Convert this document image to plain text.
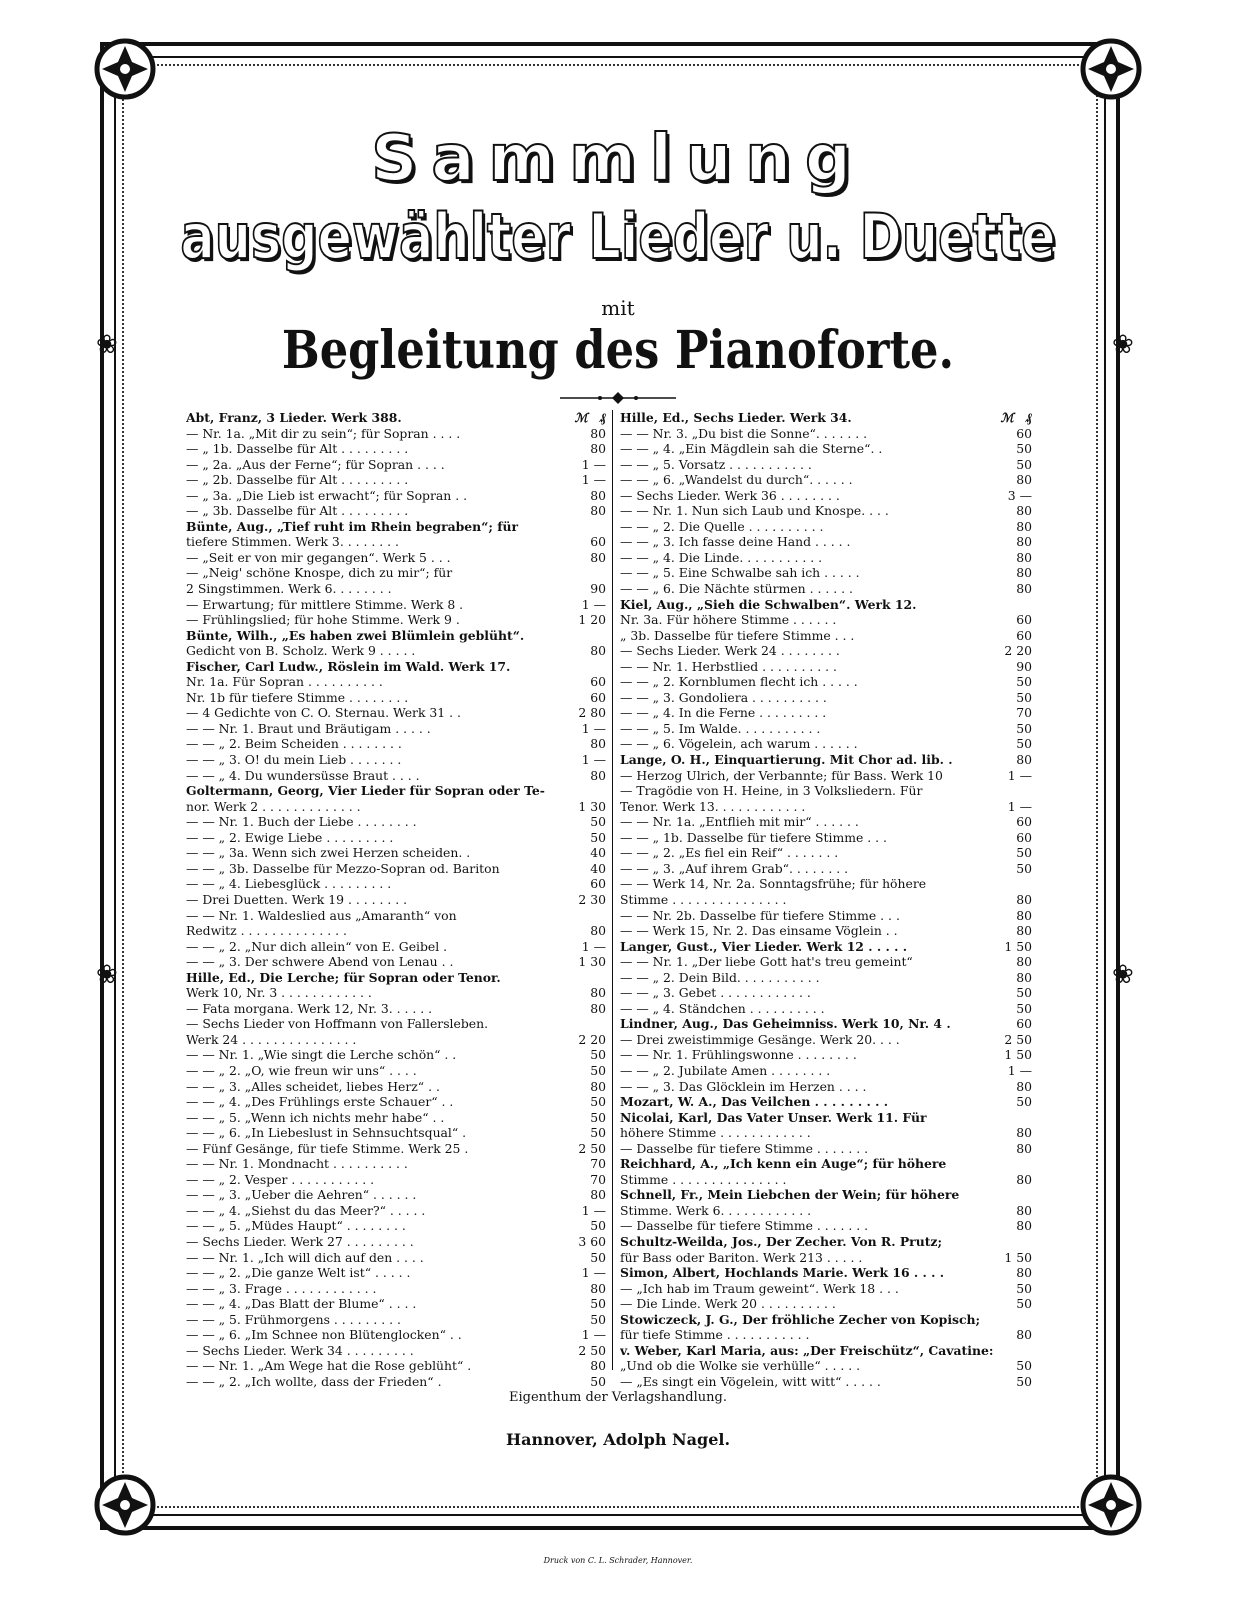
❀
❀
❀
❀
Sammlung
ausgewählter Lieder u. Duette
mit
Begleitung des Pianoforte.
Abt, Franz, 3 Lieder. Werk 388.	ℳ ₰
— Nr. 1a. „Mit dir zu sein“; für Sopran . . . .	80
— „ 1b. Dasselbe für Alt . . . . . . . . .	80
— „ 2a. „Aus der Ferne“; für Sopran . . . .	1 —
— „ 2b. Dasselbe für Alt . . . . . . . . .	1 —
— „ 3a. „Die Lieb ist erwacht“; für Sopran . .	80
— „ 3b. Dasselbe für Alt . . . . . . . . .	80
Bünte, Aug., „Tief ruht im Rhein begraben“; für
tiefere Stimmen. Werk 3. . . . . . . .	60
— „Seit er von mir gegangen“. Werk 5 . . .	80
— „Neig' schöne Knospe, dich zu mir“; für
2 Singstimmen. Werk 6. . . . . . . .	90
— Erwartung; für mittlere Stimme. Werk 8 .	1 —
— Frühlingslied; für hohe Stimme. Werk 9 .	1 20
Bünte, Wilh., „Es haben zwei Blümlein geblüht“.
Gedicht von B. Scholz. Werk 9 . . . . .	80
Fischer, Carl Ludw., Röslein im Wald. Werk 17.
Nr. 1a. Für Sopran . . . . . . . . . .	60
Nr. 1b für tiefere Stimme . . . . . . . .	60
— 4 Gedichte von C. O. Sternau. Werk 31 . .	2 80
— — Nr. 1. Braut und Bräutigam . . . . .	1 —
— — „ 2. Beim Scheiden . . . . . . . .	80
— — „ 3. O! du mein Lieb . . . . . . .	1 —
— — „ 4. Du wundersüsse Braut . . . .	80
Goltermann, Georg, Vier Lieder für Sopran oder Te-
nor. Werk 2 . . . . . . . . . . . . .	1 30
— — Nr. 1. Buch der Liebe . . . . . . . .	50
— — „ 2. Ewige Liebe . . . . . . . . .	50
— — „ 3a. Wenn sich zwei Herzen scheiden. .	40
— — „ 3b. Dasselbe für Mezzo-Sopran od. Bariton	40
— — „ 4. Liebesglück . . . . . . . . .	60
— Drei Duetten. Werk 19 . . . . . . . .	2 30
— — Nr. 1. Waldeslied aus „Amaranth“ von
Redwitz . . . . . . . . . . . . . .	80
— — „ 2. „Nur dich allein“ von E. Geibel .	1 —
— — „ 3. Der schwere Abend von Lenau . .	1 30
Hille, Ed., Die Lerche; für Sopran oder Tenor.
Werk 10, Nr. 3 . . . . . . . . . . . .	80
— Fata morgana. Werk 12, Nr. 3. . . . . .	80
— Sechs Lieder von Hoffmann von Fallersleben.
Werk 24 . . . . . . . . . . . . . . .	2 20
— — Nr. 1. „Wie singt die Lerche schön“ . .	50
— — „ 2. „O, wie freun wir uns“ . . . .	50
— — „ 3. „Alles scheidet, liebes Herz“ . .	80
— — „ 4. „Des Frühlings erste Schauer“ . .	50
— — „ 5. „Wenn ich nichts mehr habe“ . .	50
— — „ 6. „In Liebeslust in Sehnsuchtsqual“ .	50
— Fünf Gesänge, für tiefe Stimme. Werk 25 .	2 50
— — Nr. 1. Mondnacht . . . . . . . . . .	70
— — „ 2. Vesper . . . . . . . . . . .	70
— — „ 3. „Ueber die Aehren“ . . . . . .	80
— — „ 4. „Siehst du das Meer?“ . . . . .	1 —
— — „ 5. „Müdes Haupt“ . . . . . . . .	50
— Sechs Lieder. Werk 27 . . . . . . . . .	3 60
— — Nr. 1. „Ich will dich auf den . . . .	50
— — „ 2. „Die ganze Welt ist“ . . . . .	1 —
— — „ 3. Frage . . . . . . . . . . . .	80
— — „ 4. „Das Blatt der Blume“ . . . .	50
— — „ 5. Frühmorgens . . . . . . . . .	50
— — „ 6. „Im Schnee non Blütenglocken“ . .	1 —
— Sechs Lieder. Werk 34 . . . . . . . . .	2 50
— — Nr. 1. „Am Wege hat die Rose geblüht“ .	80
— — „ 2. „Ich wollte, dass der Frieden“ .	50
Hille, Ed., Sechs Lieder. Werk 34.	ℳ ₰
— — Nr. 3. „Du bist die Sonne“. . . . . . .	60
— — „ 4. „Ein Mägdlein sah die Sterne“. .	50
— — „ 5. Vorsatz . . . . . . . . . . .	50
— — „ 6. „Wandelst du durch“. . . . . .	80
— Sechs Lieder. Werk 36 . . . . . . . .	3 —
— — Nr. 1. Nun sich Laub und Knospe. . . .	80
— — „ 2. Die Quelle . . . . . . . . . .	80
— — „ 3. Ich fasse deine Hand . . . . .	80
— — „ 4. Die Linde. . . . . . . . . . .	80
— — „ 5. Eine Schwalbe sah ich . . . . .	80
— — „ 6. Die Nächte stürmen . . . . . .	80
Kiel, Aug., „Sieh die Schwalben“. Werk 12.
Nr. 3a. Für höhere Stimme . . . . . .	60
„ 3b. Dasselbe für tiefere Stimme . . .	60
— Sechs Lieder. Werk 24 . . . . . . . .	2 20
— — Nr. 1. Herbstlied . . . . . . . . . .	90
— — „ 2. Kornblumen flecht ich . . . . .	50
— — „ 3. Gondoliera . . . . . . . . . .	50
— — „ 4. In die Ferne . . . . . . . . .	70
— — „ 5. Im Walde. . . . . . . . . . .	50
— — „ 6. Vögelein, ach warum . . . . . .	50
Lange, O. H., Einquartierung. Mit Chor ad. lib. .	80
— Herzog Ulrich, der Verbannte; für Bass. Werk 10	1 —
— Tragödie von H. Heine, in 3 Volksliedern. Für
Tenor. Werk 13. . . . . . . . . . . .	1 —
— — Nr. 1a. „Entflieh mit mir“ . . . . . .	60
— — „ 1b. Dasselbe für tiefere Stimme . . .	60
— — „ 2. „Es fiel ein Reif“ . . . . . . .	50
— — „ 3. „Auf ihrem Grab“. . . . . . . .	50
— — Werk 14, Nr. 2a. Sonntagsfrühe; für höhere
Stimme . . . . . . . . . . . . . . .	80
— — Nr. 2b. Dasselbe für tiefere Stimme . . .	80
— — Werk 15, Nr. 2. Das einsame Vöglein . .	80
Langer, Gust., Vier Lieder. Werk 12 . . . . .	1 50
— — Nr. 1. „Der liebe Gott hat's treu gemeint“	80
— — „ 2. Dein Bild. . . . . . . . . . .	80
— — „ 3. Gebet . . . . . . . . . . . .	50
— — „ 4. Ständchen . . . . . . . . . .	50
Lindner, Aug., Das Geheimniss. Werk 10, Nr. 4 .	60
— Drei zweistimmige Gesänge. Werk 20. . . .	2 50
— — Nr. 1. Frühlingswonne . . . . . . . .	1 50
— — „ 2. Jubilate Amen . . . . . . . .	1 —
— — „ 3. Das Glöcklein im Herzen . . . .	80
Mozart, W. A., Das Veilchen . . . . . . . . .	50
Nicolai, Karl, Das Vater Unser. Werk 11. Für
höhere Stimme . . . . . . . . . . . .	80
— Dasselbe für tiefere Stimme . . . . . . .	80
Reichhard, A., „Ich kenn ein Auge“; für höhere
Stimme . . . . . . . . . . . . . . .	80
Schnell, Fr., Mein Liebchen der Wein; für höhere
Stimme. Werk 6. . . . . . . . . . . .	80
— Dasselbe für tiefere Stimme . . . . . . .	80
Schultz-Weilda, Jos., Der Zecher. Von R. Prutz;
für Bass oder Bariton. Werk 213 . . . . .	1 50
Simon, Albert, Hochlands Marie. Werk 16 . . . .	80
— „Ich hab im Traum geweint“. Werk 18 . . .	50
— Die Linde. Werk 20 . . . . . . . . . .	50
Stowiczeck, J. G., Der fröhliche Zecher von Kopisch;
für tiefe Stimme . . . . . . . . . . .	80
v. Weber, Karl Maria, aus: „Der Freischütz“, Cavatine:
„Und ob die Wolke sie verhülle“ . . . . .	50
— „Es singt ein Vögelein, witt witt“ . . . . .	50
Eigenthum der Verlagshandlung.
Hannover, Adolph Nagel.
Druck von C. L. Schrader, Hannover.
